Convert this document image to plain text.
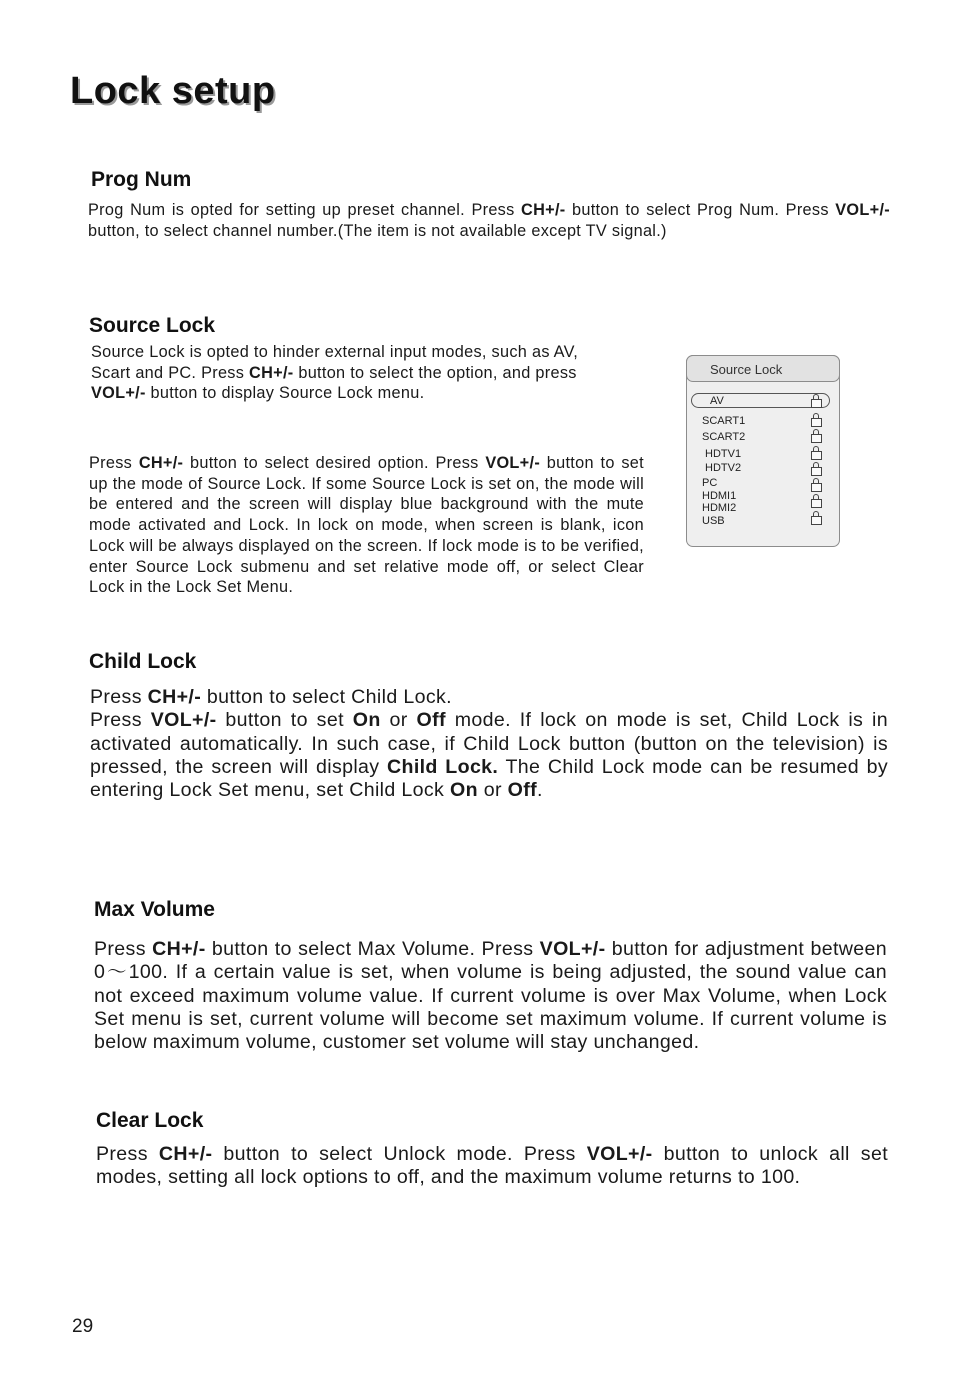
Lock setup
Prog Num

Prog Num is opted for setting up preset channel. Press CH+/- button to select Prog Num. Press VOL+/- button, to select channel number.(The item is not available except TV signal.)

Source Lock

Source Lock is opted to hinder external input modes, such as AV, Scart and PC. Press CH+/- button to select the option, and press VOL+/- button to display Source Lock menu.

Press CH+/- button to select desired option. Press VOL+/- button to set up the mode of Source Lock. If some Source Lock is set on, the mode will be entered and the screen will display blue background with the mute mode activated and Lock. In lock on mode, when screen is blank, icon Lock will be always displayed on the screen. If lock mode is to be verified, enter Source Lock submenu and set relative mode off, or select Clear Lock in the Lock Set Menu.

Source Lock
AV
SCART1
SCART2
HDTV1
HDTV2
PC
HDMI1
HDMI2
USB
Child Lock

Press CH+/- button to select Child Lock.
Press VOL+/- button to set On or Off mode. If lock on mode is set, Child Lock is in activated automatically. In such case, if Child Lock button (button on the television) is pressed, the screen will display Child Lock. The Child Lock mode can be resumed by entering Lock Set menu, set Child Lock On or Off.

Max Volume

Press CH+/- button to select Max Volume. Press VOL+/- button for adjustment between 0～100. If a certain value is set, when volume is being adjusted, the sound value can not exceed maximum volume value. If current volume is over Max Volume, when Lock Set menu is set, current volume will become set maximum volume. If current volume is below maximum volume, customer set volume will stay unchanged.

Clear Lock

Press CH+/- button to select Unlock mode. Press VOL+/- button to unlock all set modes, setting all lock options to off, and the maximum volume returns to 100.

29
